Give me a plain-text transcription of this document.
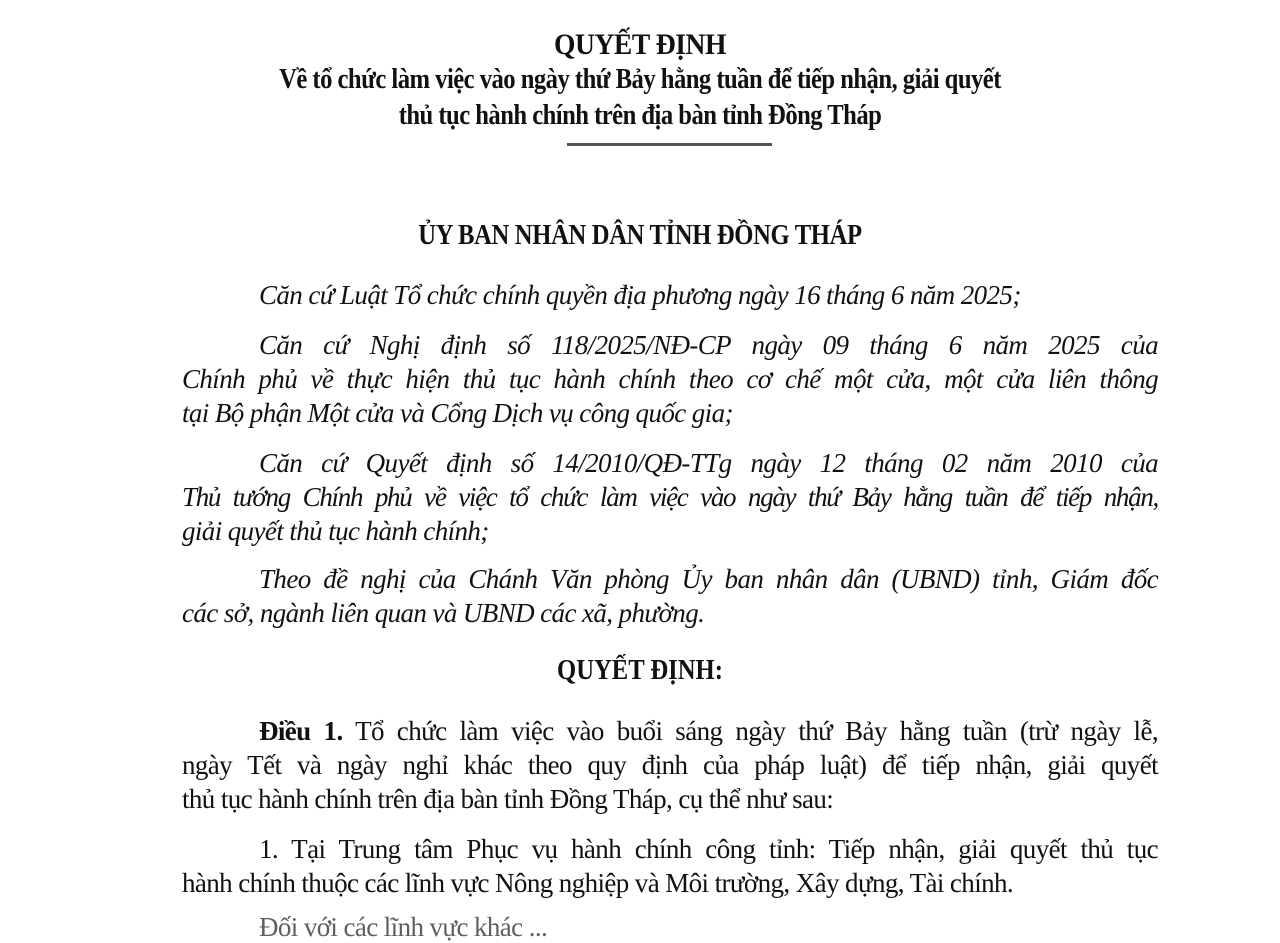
QUYẾT ĐỊNH
Về tổ chức làm việc vào ngày thứ Bảy hằng tuần để tiếp nhận, giải quyết
thủ tục hành chính trên địa bàn tỉnh Đồng Tháp
ỦY BAN NHÂN DÂN TỈNH ĐỒNG THÁP
Căn cứ Luật Tổ chức chính quyền địa phương ngày 16 tháng 6 năm 2025;
Căn cứ Nghị định số 118/2025/NĐ-CP ngày 09 tháng 6 năm 2025 của
Chính phủ về thực hiện thủ tục hành chính theo cơ chế một cửa, một cửa liên thông
tại Bộ phận Một cửa và Cổng Dịch vụ công quốc gia;
Căn cứ Quyết định số 14/2010/QĐ-TTg ngày 12 tháng 02 năm 2010 của
Thủ tướng Chính phủ về việc tổ chức làm việc vào ngày thứ Bảy hằng tuần để tiếp nhận,
giải quyết thủ tục hành chính;
Theo đề nghị của Chánh Văn phòng Ủy ban nhân dân (UBND) tỉnh, Giám đốc
các sở, ngành liên quan và UBND các xã, phường.
QUYẾT ĐỊNH:
Điều 1. Tổ chức làm việc vào buổi sáng ngày thứ Bảy hằng tuần (trừ ngày lễ,
ngày Tết và ngày nghỉ khác theo quy định của pháp luật) để tiếp nhận, giải quyết
thủ tục hành chính trên địa bàn tỉnh Đồng Tháp, cụ thể như sau:
1. Tại Trung tâm Phục vụ hành chính công tỉnh: Tiếp nhận, giải quyết thủ tục
hành chính thuộc các lĩnh vực Nông nghiệp và Môi trường, Xây dựng, Tài chính.
Đối với các lĩnh vực khác ...
